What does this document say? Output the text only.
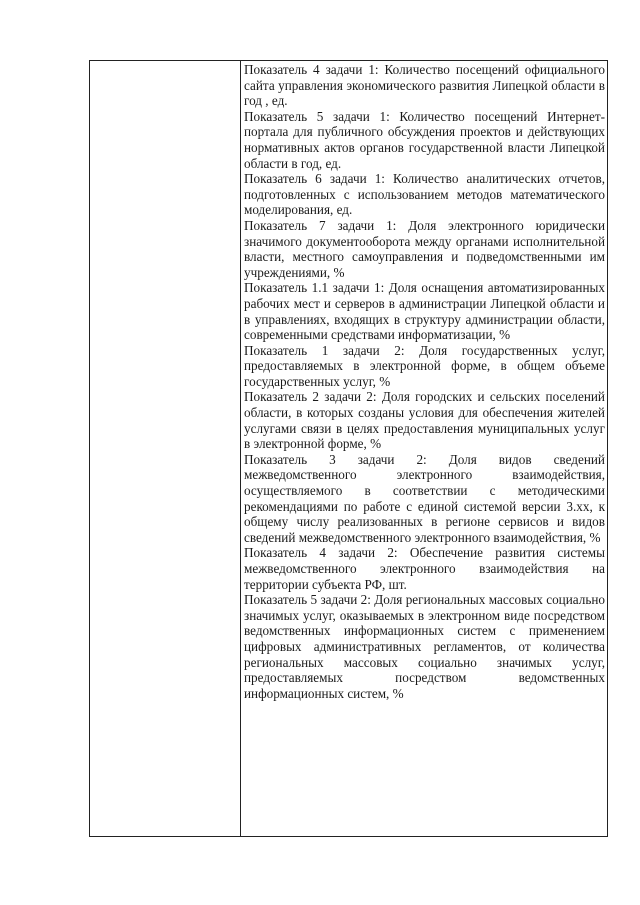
Показатель 4 задачи 1: Количество посещений официального сайта управления экономического развития Липецкой области в год , ед.

Показатель 5 задачи 1: Количество посещений Интернет-портала для публичного обсуждения проектов и действующих нормативных актов органов государственной власти Липецкой области в год, ед.

Показатель 6 задачи 1: Количество аналитических отчетов, подготовленных с использованием методов математического моделирования, ед.

Показатель 7 задачи 1: Доля электронного юридически значимого документооборота между органами исполнительной власти, местного самоуправления и подведомственными им учреждениями, %

Показатель 1.1 задачи 1: Доля оснащения автоматизированных рабочих мест и серверов в администрации Липецкой области и в управлениях, входящих в структуру администрации области, современными средствами информатизации, %

Показатель 1 задачи 2: Доля государственных услуг, предоставляемых в электронной форме, в общем объеме государственных услуг, %

Показатель 2 задачи 2: Доля городских и сельских поселений области, в которых созданы условия для обеспечения жителей услугами связи в целях предоставления муниципальных услуг в электронной форме, %

Показатель 3 задачи 2: Доля видов сведений межведомственного электронного взаимодействия, осуществляемого в соответствии с методическими рекомендациями по работе с единой системой версии 3.хх, к общему числу реализованных в регионе сервисов и видов сведений межведомственного электронного взаимодействия, %

Показатель 4 задачи 2: Обеспечение развития системы межведомственного электронного взаимодействия на территории субъекта РФ, шт.

Показатель 5 задачи 2: Доля региональных массовых социально значимых услуг, оказываемых в электронном виде посредством ведомственных информационных систем с применением цифровых административных регламентов, от количества региональных массовых социально значимых услуг, предоставляемых посредством ведомственных информационных систем, %
